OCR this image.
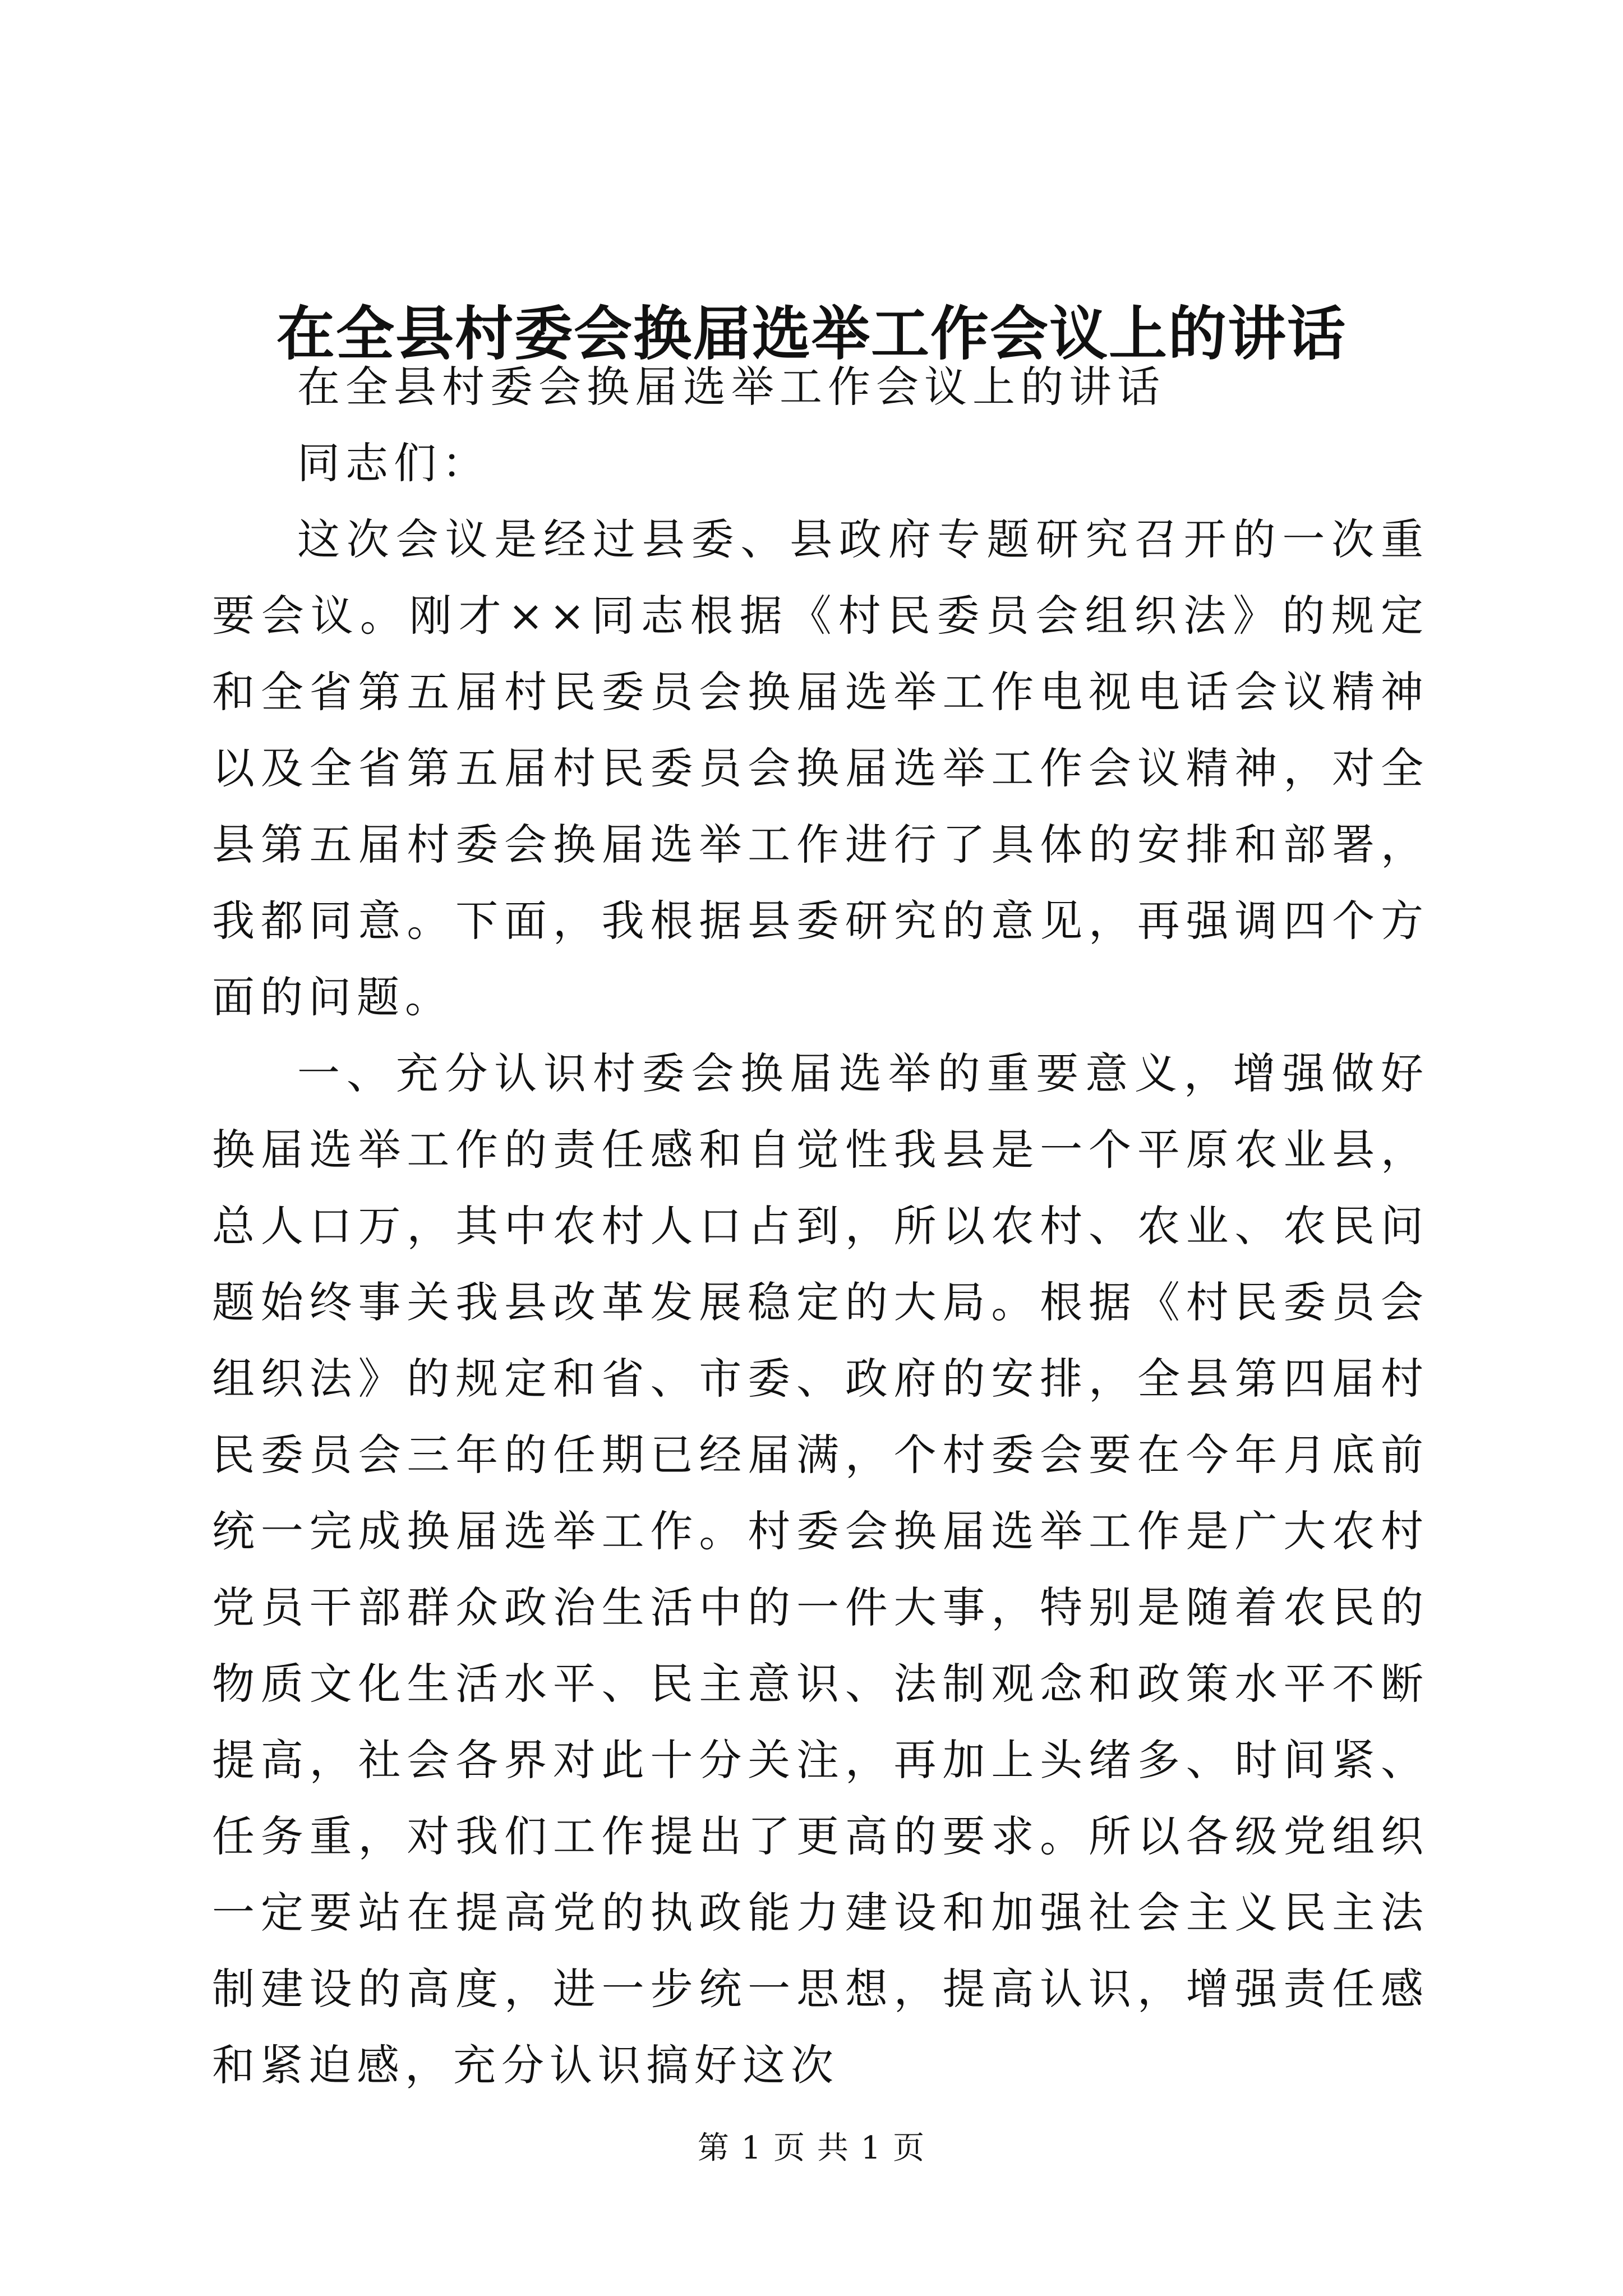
在全县村委会换届选举工作会议上的讲话

在全县村委会换届选举工作会议上的讲话

同志们：

这次会议是经过县委、县政府专题研究召开的一次重要会议。刚才××同志根据《村民委员会组织法》的规定和全省第五届村民委员会换届选举工作电视电话会议精神以及全省第五届村民委员会换届选举工作会议精神，对全县第五届村委会换届选举工作进行了具体的安排和部署，我都同意。下面，我根据县委研究的意见，再强调四个方面的问题。

一、充分认识村委会换届选举的重要意义，增强做好换届选举工作的责任感和自觉性我县是一个平原农业县，总人口万，其中农村人口占到，所以农村、农业、农民问题始终事关我县改革发展稳定的大局。根据《村民委员会组织法》的规定和省、市委、政府的安排，全县第四届村民委员会三年的任期已经届满，个村委会要在今年月底前统一完成换届选举工作。村委会换届选举工作是广大农村党员干部群众政治生活中的一件大事，特别是随着农民的物质文化生活水平、民主意识、法制观念和政策水平不断提高，社会各界对此十分关注，再加上头绪多、时间紧、任务重，对我们工作提出了更高的要求。所以各级党组织一定要站在提高党的执政能力建设和加强社会主义民主法制建设的高度，进一步统一思想，提高认识，增强责任感和紧迫感，充分认识搞好这次

第 1 页 共 1 页
